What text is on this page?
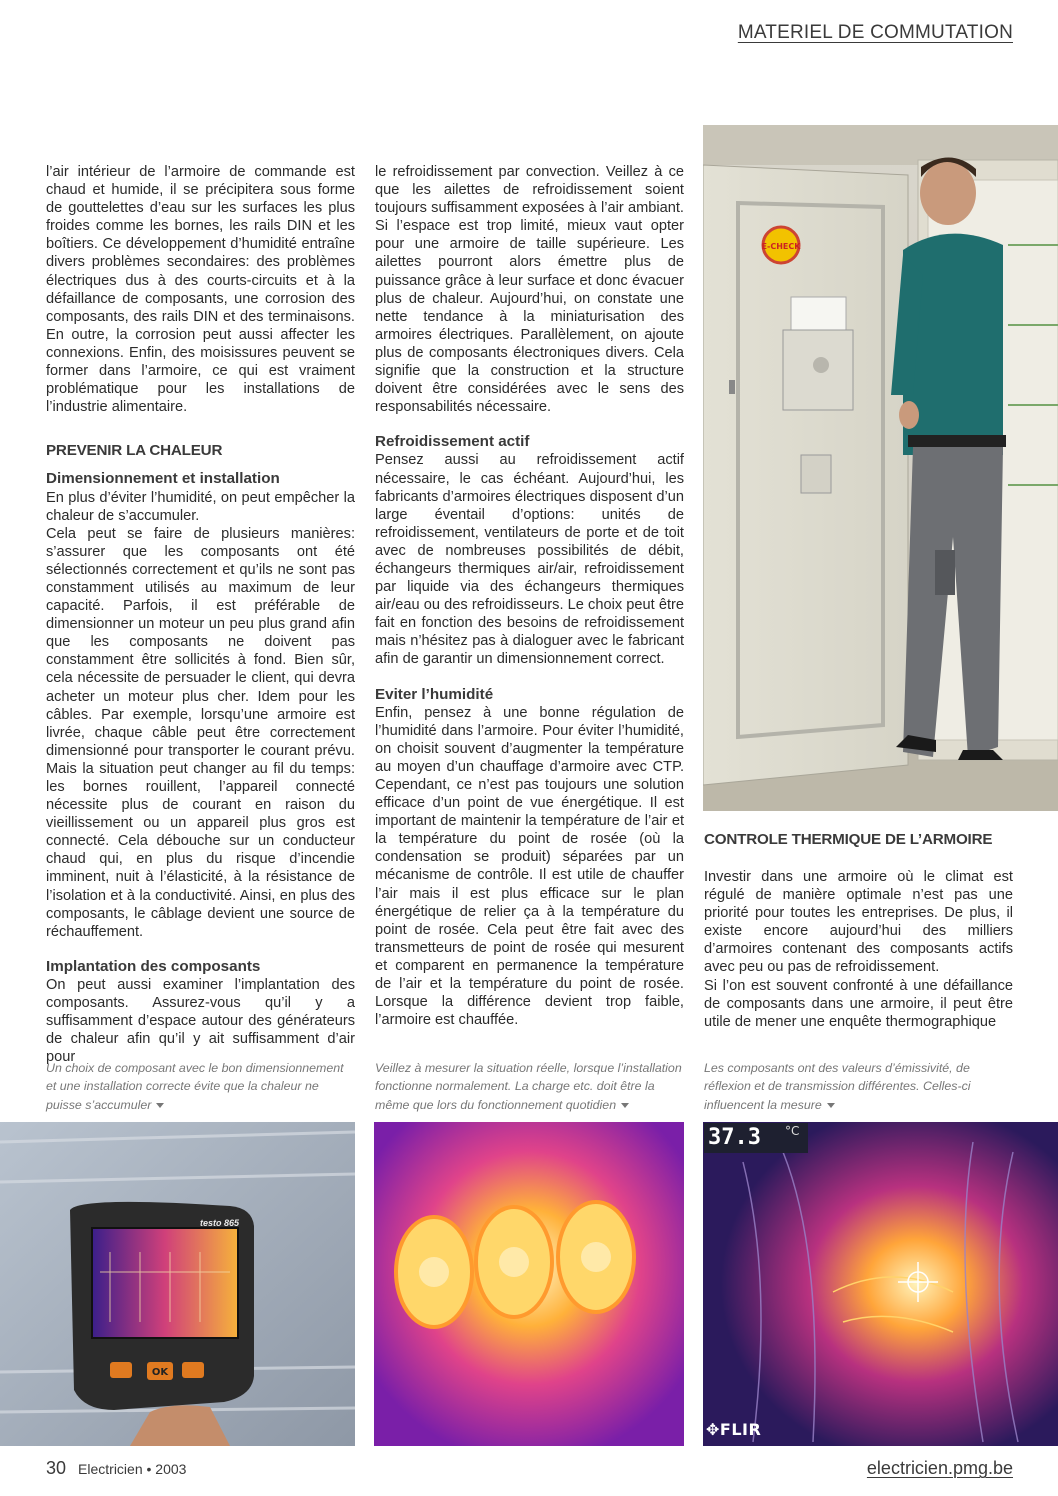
MATERIEL DE COMMUTATION
E-CHECK

l’air intérieur de l’armoire de commande est chaud et humide, il se précipitera sous forme de gouttelettes d’eau sur les surfaces les plus froides comme les bornes, les rails DIN et les boîtiers. Ce développement d’humidité entraîne divers problèmes secondaires: des problèmes électriques dus à des courts-circuits et à la défaillance de composants, une corrosion des composants, des rails DIN et des terminaisons. En outre, la corrosion peut aussi affecter les connexions. Enfin, des moisissures peuvent se former dans l’armoire, ce qui est vraiment problématique pour les installations de l’industrie alimentaire.

PREVENIR LA CHALEUR
Dimensionnement et installation

En plus d’éviter l’humidité, on peut empêcher la chaleur de s’accumuler.

Cela peut se faire de plusieurs manières: s’assurer que les composants ont été sélectionnés correctement et qu’ils ne sont pas constamment utilisés au maximum de leur capacité. Parfois, il est préférable de dimensionner un moteur un peu plus grand afin que les composants ne doivent pas constamment être sollicités à fond. Bien sûr, cela nécessite de persuader le client, qui devra acheter un moteur plus cher. Idem pour les câbles. Par exemple, lorsqu’une armoire est livrée, chaque câble peut être correctement dimensionné pour transporter le courant prévu. Mais la situation peut changer au fil du temps: les bornes rouillent, l’appareil connecté nécessite plus de courant en raison du vieillissement ou un appareil plus gros est connecté. Cela débouche sur un conducteur chaud qui, en plus du risque d’incendie imminent, nuit à l’élasticité, à la résistance de l’isolation et à la conductivité. Ainsi, en plus des composants, le câblage devient une source de réchauffement.

Implantation des composants

On peut aussi examiner l’implantation des composants. Assurez-vous qu’il y a suffisamment d’espace autour des générateurs de chaleur afin qu’il y ait suffisamment d’air pour

le refroidissement par convection. Veillez à ce que les ailettes de refroidissement soient toujours suffisamment exposées à l’air ambiant. Si l’espace est trop limité, mieux vaut opter pour une armoire de taille supérieure. Les ailettes pourront alors émettre plus de puissance grâce à leur surface et donc évacuer plus de chaleur. Aujourd’hui, on constate une nette tendance à la miniaturisation des armoires électriques. Parallèlement, on ajoute plus de composants électroniques divers. Cela signifie que la construction et la structure doivent être considérées avec le sens des responsabilités nécessaire.

Refroidissement actif

Pensez aussi au refroidissement actif nécessaire, le cas échéant. Aujourd’hui, les fabricants d’armoires électriques disposent d’un large éventail d’options: unités de refroidissement, ventilateurs de porte et de toit avec de nombreuses possibilités de débit, échangeurs thermiques air/air, refroidissement par liquide via des échangeurs thermiques air/eau ou des refroidisseurs. Le choix peut être fait en fonction des besoins de refroidissement mais n’hésitez pas à dialoguer avec le fabricant afin de garantir un dimensionnement correct.

Eviter l’humidité

Enfin, pensez à une bonne régulation de l’humidité dans l’armoire. Pour éviter l’humidité, on choisit souvent d’augmenter la température au moyen d’un chauffage d’armoire avec CTP. Cependant, ce n’est pas toujours une solution efficace d’un point de vue énergétique. Il est important de maintenir la température de l’air et la température du point de rosée (où la condensation se produit) séparées par un mécanisme de contrôle. Il est utile de chauffer l’air mais il est plus efficace sur le plan énergétique de relier ça à la température du point de rosée. Cela peut être fait avec des transmetteurs de point de rosée qui mesurent et comparent en permanence la température de l’air et la température du point de rosée. Lorsque la différence devient trop faible, l’armoire est chauffée.

CONTROLE THERMIQUE DE L’ARMOIRE

Investir dans une armoire où le climat est régulé de manière optimale n’est pas une priorité pour toutes les entreprises. De plus, il existe encore aujourd’hui des milliers d’armoires contenant des composants actifs avec peu ou pas de refroidissement.

Si l’on est souvent confronté à une défaillance de composants dans une armoire, il peut être utile de mener une enquête thermographique

Un choix de composant avec le bon dimensionnement et une installation correcte évite que la chaleur ne puisse s’accumuler
Veillez à mesurer la situation réelle, lorsque l’installation fonctionne normalement. La charge etc. doit être la même que lors du fonctionnement quotidien
Les composants ont des valeurs d’émissivité, de réflexion et de transmission différentes. Celles-ci influencent la mesure
OK
testo 865
37.3	°C
✥FLIR
30 Electricien • 2003	electricien.pmg.be
